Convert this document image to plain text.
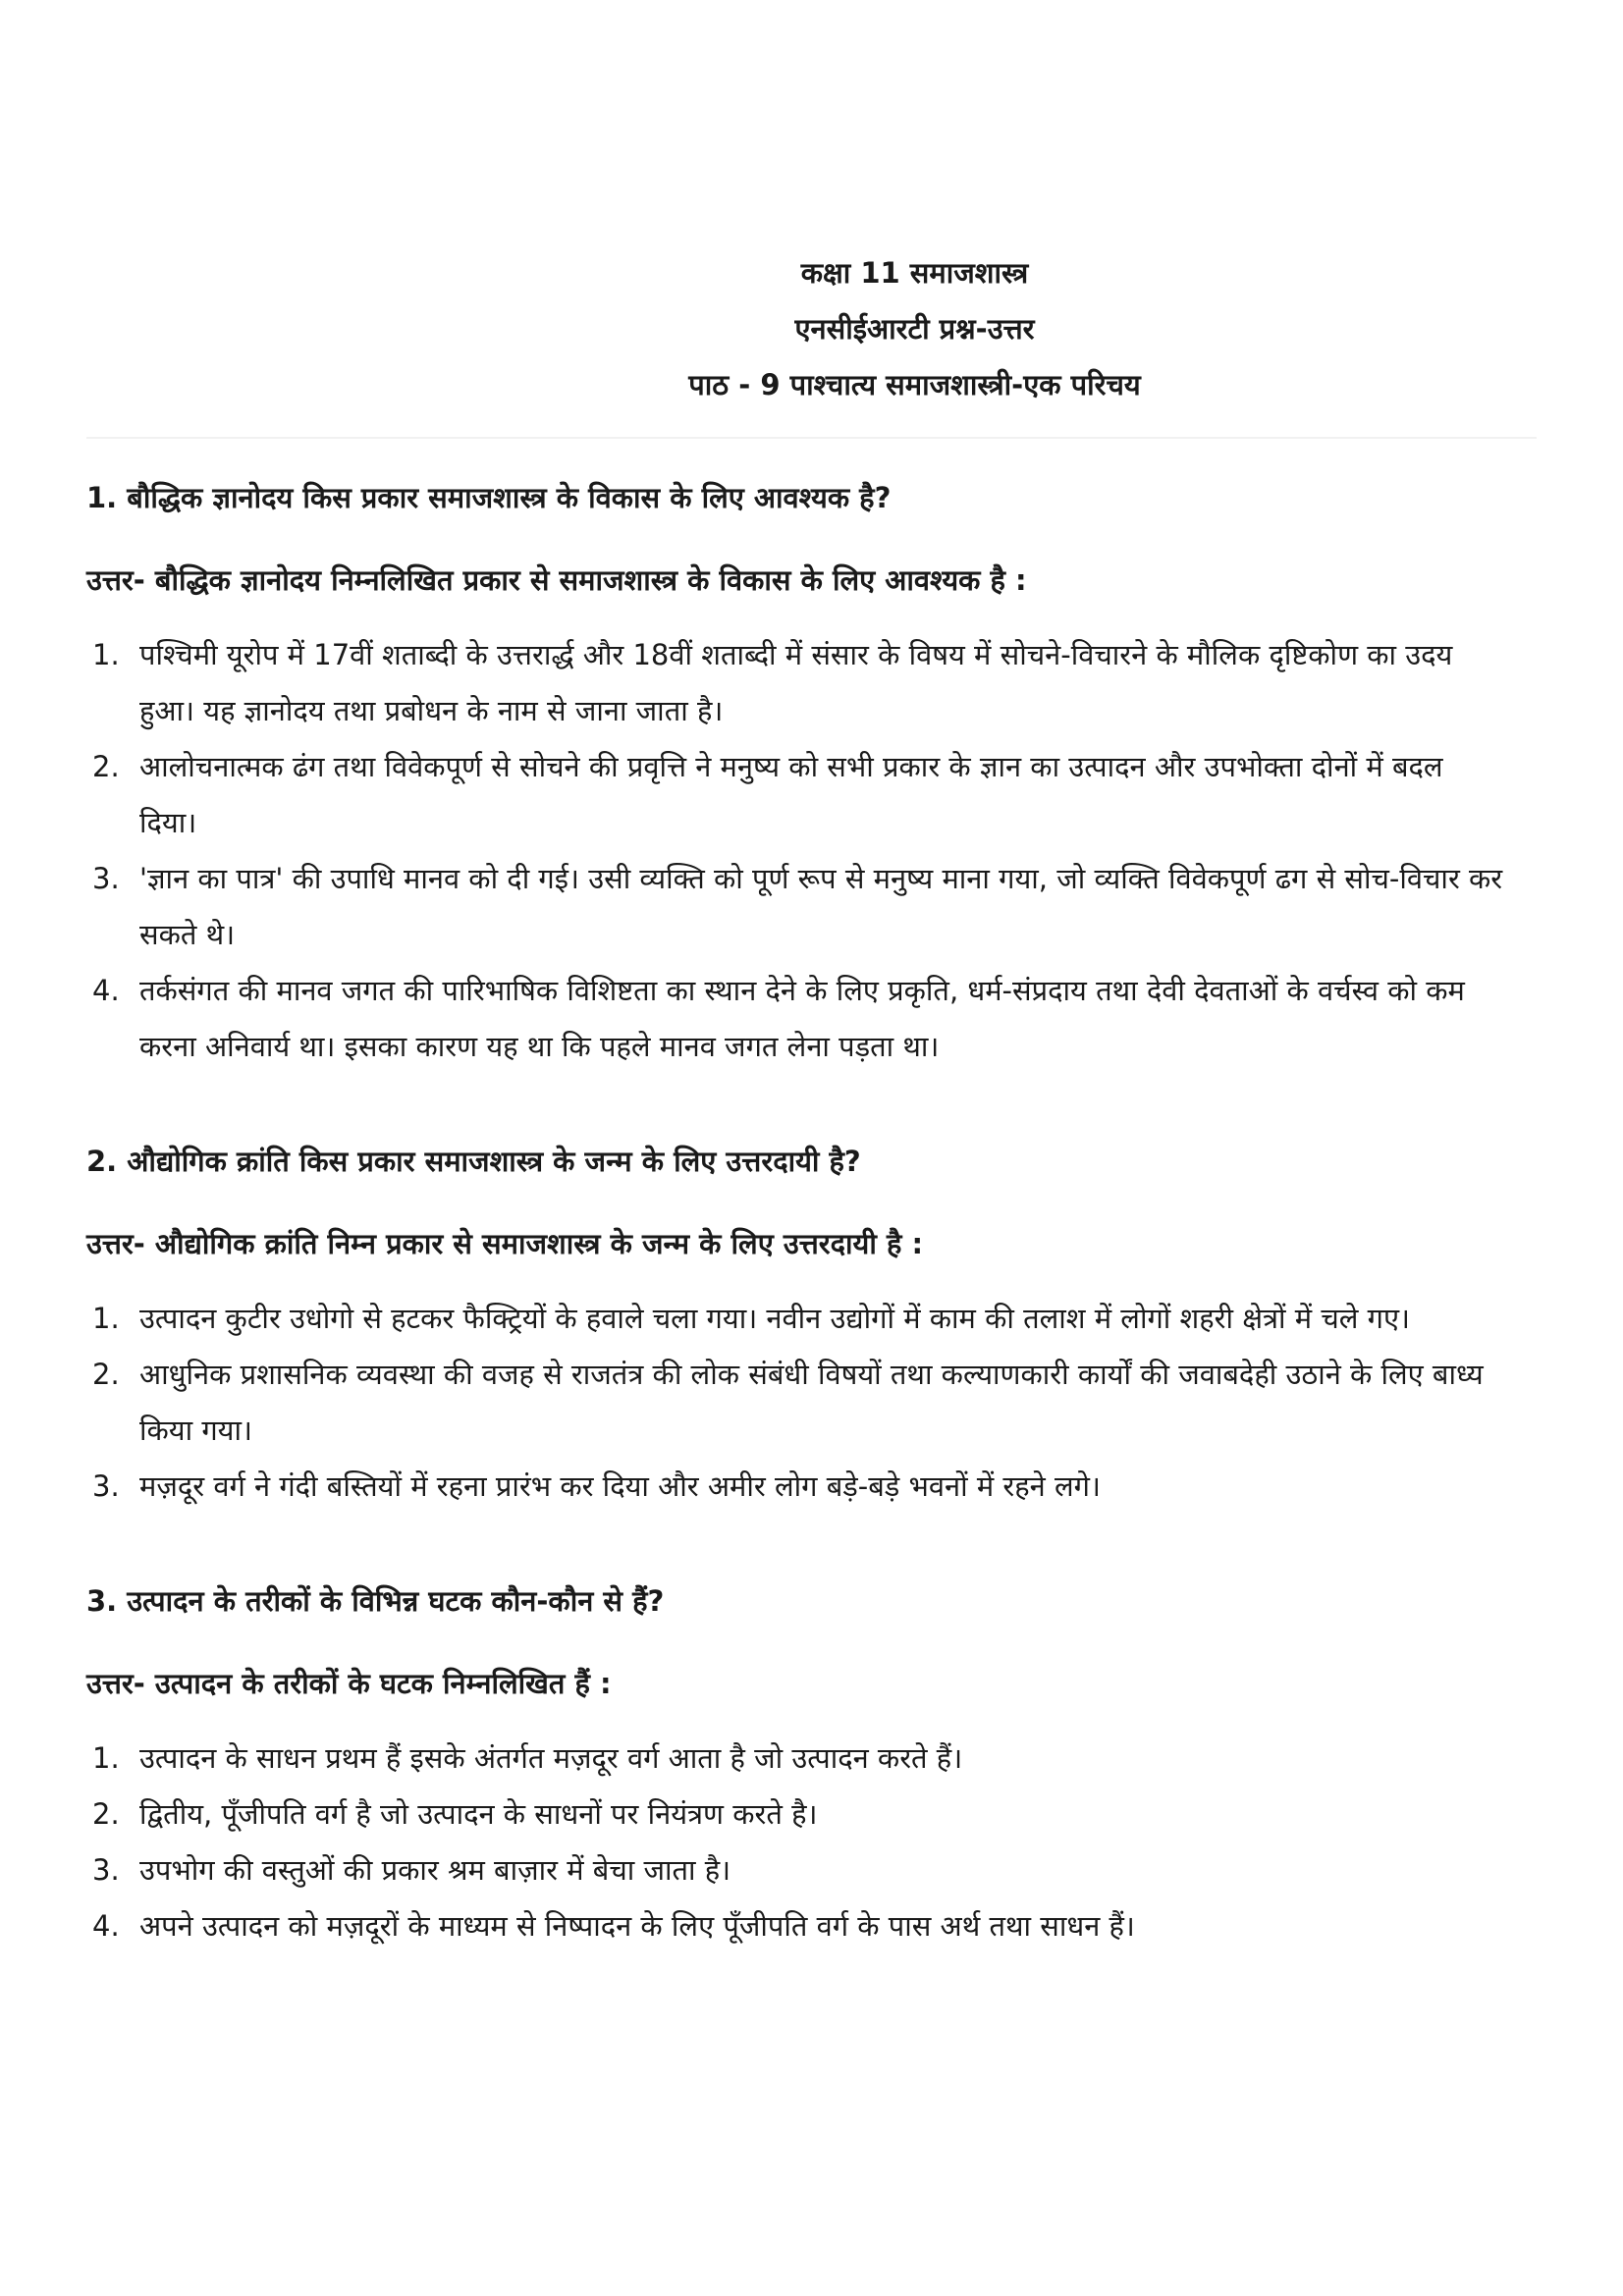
कक्षा 11 समाजशास्त्र

एनसीईआरटी प्रश्न-उत्तर

पाठ - 9 पाश्चात्य समाजशास्त्री-एक परिचय

1. बौद्धिक ज्ञानोदय किस प्रकार समाजशास्त्र के विकास के लिए आवश्यक है?

उत्तर- बौद्धिक ज्ञानोदय निम्नलिखित प्रकार से समाजशास्त्र के विकास के लिए आवश्यक है :

1. पश्चिमी यूरोप में 17वीं शताब्दी के उत्तरार्द्ध और 18वीं शताब्दी में संसार के विषय में सोचने-विचारने के मौलिक दृष्टिकोण का उदय हुआ। यह ज्ञानोदय तथा प्रबोधन के नाम से जाना जाता है।
2. आलोचनात्मक ढंग तथा विवेकपूर्ण से सोचने की प्रवृत्ति ने मनुष्य को सभी प्रकार के ज्ञान का उत्पादन और उपभोक्ता दोनों में बदल दिया।
3. 'ज्ञान का पात्र' की उपाधि मानव को दी गई। उसी व्यक्ति को पूर्ण रूप से मनुष्य माना गया, जो व्यक्ति विवेकपूर्ण ढग से सोच-विचार कर सकते थे।
4. तर्कसंगत की मानव जगत की पारिभाषिक विशिष्टता का स्थान देने के लिए प्रकृति, धर्म-संप्रदाय तथा देवी देवताओं के वर्चस्व को कम करना अनिवार्य था। इसका कारण यह था कि पहले मानव जगत लेना पड़ता था।

2. औद्योगिक क्रांति किस प्रकार समाजशास्त्र के जन्म के लिए उत्तरदायी है?

उत्तर- औद्योगिक क्रांति निम्न प्रकार से समाजशास्त्र के जन्म के लिए उत्तरदायी है :

1. उत्पादन कुटीर उधोगो से हटकर फैक्ट्रियों के हवाले चला गया। नवीन उद्योगों में काम की तलाश में लोगों शहरी क्षेत्रों में चले गए।
2. आधुनिक प्रशासनिक व्यवस्था की वजह से राजतंत्र की लोक संबंधी विषयों तथा कल्याणकारी कार्यों की जवाबदेही उठाने के लिए बाध्य किया गया।
3. मज़दूर वर्ग ने गंदी बस्तियों में रहना प्रारंभ कर दिया और अमीर लोग बड़े-बड़े भवनों में रहने लगे।

3. उत्पादन के तरीकों के विभिन्न घटक कौन-कौन से हैं?

उत्तर- उत्पादन के तरीकों के घटक निम्नलिखित हैं :

1. उत्पादन के साधन प्रथम हैं इसके अंतर्गत मज़दूर वर्ग आता है जो उत्पादन करते हैं।
2. द्वितीय, पूँजीपति वर्ग है जो उत्पादन के साधनों पर नियंत्रण करते है।
3. उपभोग की वस्तुओं की प्रकार श्रम बाज़ार में बेचा जाता है।
4. अपने उत्पादन को मज़दूरों के माध्यम से निष्पादन के लिए पूँजीपति वर्ग के पास अर्थ तथा साधन हैं।
